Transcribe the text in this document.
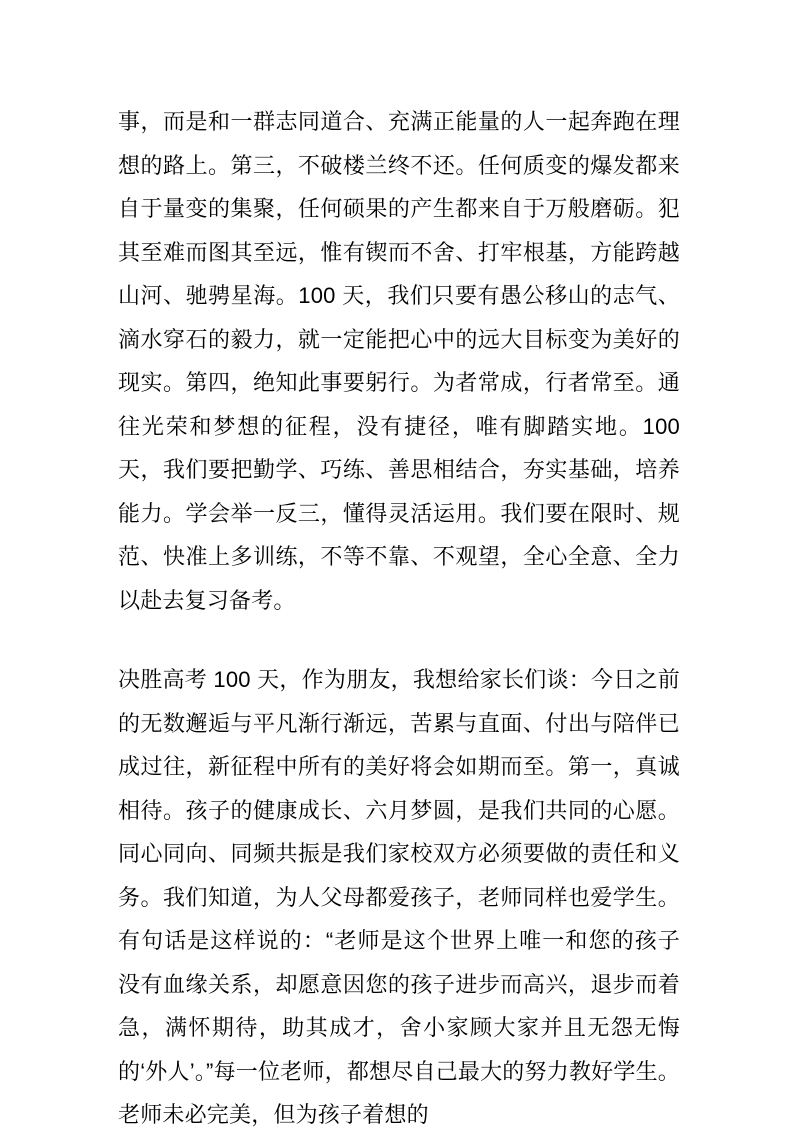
事，而是和一群志同道合、充满正能量的人一起奔跑在理想的路上。第三，不破楼兰终不还。任何质变的爆发都来自于量变的集聚，任何硕果的产生都来自于万般磨砺。犯其至难而图其至远，惟有锲而不舍、打牢根基，方能跨越山河、驰骋星海。100 天，我们只要有愚公移山的志气、滴水穿石的毅力，就一定能把心中的远大目标变为美好的现实。第四，绝知此事要躬行。为者常成，行者常至。通往光荣和梦想的征程，没有捷径，唯有脚踏实地。100 天，我们要把勤学、巧练、善思相结合，夯实基础，培养能力。学会举一反三，懂得灵活运用。我们要在限时、规范、快准上多训练，不等不靠、不观望，全心全意、全力以赴去复习备考。

决胜高考 100 天，作为朋友，我想给家长们谈：今日之前的无数邂逅与平凡渐行渐远，苦累与直面、付出与陪伴已成过往，新征程中所有的美好将会如期而至。第一，真诚相待。孩子的健康成长、六月梦圆，是我们共同的心愿。同心同向、同频共振是我们家校双方必须要做的责任和义务。我们知道，为人父母都爱孩子，老师同样也爱学生。有句话是这样说的：“老师是这个世界上唯一和您的孩子没有血缘关系，却愿意因您的孩子进步而高兴，退步而着急，满怀期待，助其成才，舍小家顾大家并且无怨无悔的‘外人’。”每一位老师，都想尽自己最大的努力教好学生。老师未必完美，但为孩子着想的
